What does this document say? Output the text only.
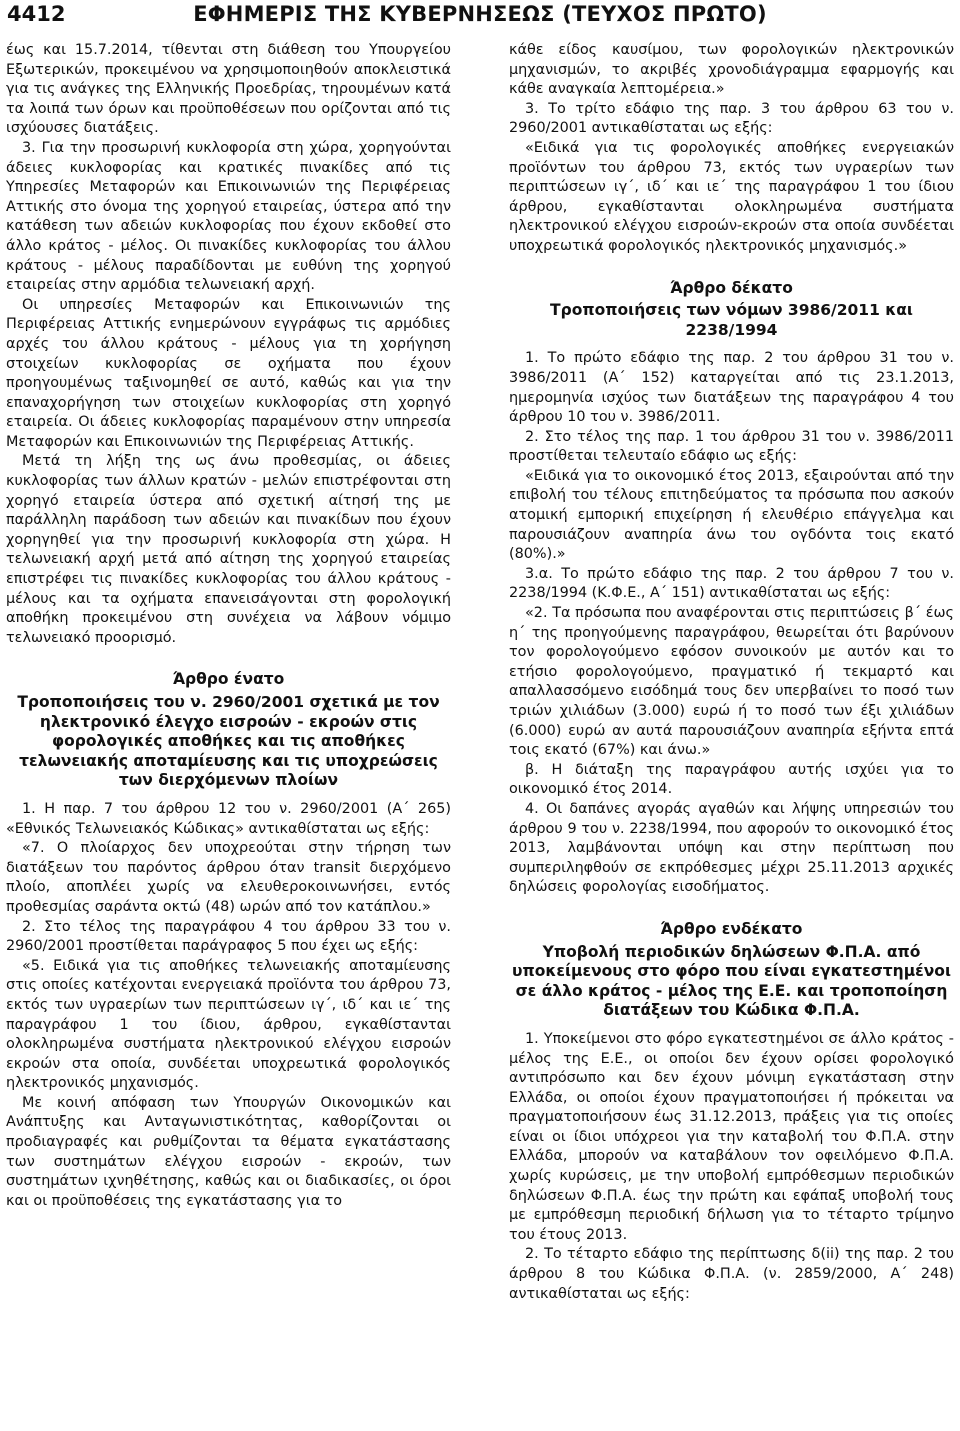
4412	ΕΦΗΜΕΡΙΣ ΤΗΣ ΚΥΒΕΡΝΗΣΕΩΣ (ΤΕΥΧΟΣ ΠΡΩΤΟ)

έως και 15.7.2014, τίθενται στη διάθεση του Υπουργείου Εξωτερικών, προκειμένου να χρησιμοποιηθούν αποκλειστικά για τις ανάγκες της Ελληνικής Προεδρίας, τηρουμένων κατά τα λοιπά των όρων και προϋποθέσεων που ορίζονται από τις ισχύουσες διατάξεις.

3. Για την προσωρινή κυκλοφορία στη χώρα, χορηγούνται άδειες κυκλοφορίας και κρατικές πινακίδες από τις Υπηρεσίες Μεταφορών και Επικοινωνιών της Περιφέρειας Αττικής στο όνομα της χορηγού εταιρείας, ύστερα από την κατάθεση των αδειών κυκλοφορίας που έχουν εκδοθεί στο άλλο κράτος - μέλος. Οι πινακίδες κυκλοφορίας του άλλου κράτους - μέλους παραδίδονται με ευθύνη της χορηγού εταιρείας στην αρμόδια τελωνειακή αρχή.

Οι υπηρεσίες Μεταφορών και Επικοινωνιών της Περιφέρειας Αττικής ενημερώνουν εγγράφως τις αρμόδιες αρχές του άλλου κράτους - μέλους για τη χορήγηση στοιχείων κυκλοφορίας σε οχήματα που έχουν προηγουμένως ταξινομηθεί σε αυτό, καθώς και για την επαναχορήγηση των στοιχείων κυκλοφορίας στη χορηγό εταιρεία. Οι άδειες κυκλοφορίας παραμένουν στην υπηρεσία Μεταφορών και Επικοινωνιών της Περιφέρειας Αττικής.

Μετά τη λήξη της ως άνω προθεσμίας, οι άδειες κυκλοφορίας των άλλων κρατών - μελών επιστρέφονται στη χορηγό εταιρεία ύστερα από σχετική αίτησή της με παράλληλη παράδοση των αδειών και πινακίδων που έχουν χορηγηθεί για την προσωρινή κυκλοφορία στη χώρα. Η τελωνειακή αρχή μετά από αίτηση της χορηγού εταιρείας επιστρέφει τις πινακίδες κυκλοφορίας του άλλου κράτους - μέλους και τα οχήματα επανεισάγονται στη φορολογική αποθήκη προκειμένου στη συνέχεια να λάβουν νόμιμο τελωνειακό προορισμό.

Άρθρο ένατο
Τροποποιήσεις του ν. 2960/2001 σχετικά με τον ηλεκτρονικό έλεγχο εισροών - εκροών στις φορολογικές αποθήκες και τις αποθήκες τελωνειακής αποταμίευσης και τις υποχρεώσεις των διερχόμενων πλοίων

1. Η παρ. 7 του άρθρου 12 του ν. 2960/2001 (Α΄ 265) «Εθνικός Τελωνειακός Κώδικας» αντικαθίσταται ως εξής:

«7. Ο πλοίαρχος δεν υποχρεούται στην τήρηση των διατάξεων του παρόντος άρθρου όταν transit διερχόμενο πλοίο, αποπλέει χωρίς να ελευθεροκοινωνήσει, εντός προθεσμίας σαράντα οκτώ (48) ωρών από τον κατάπλου.»

2. Στο τέλος της παραγράφου 4 του άρθρου 33 του ν. 2960/2001 προστίθεται παράγραφος 5 που έχει ως εξής:

«5. Ειδικά για τις αποθήκες τελωνειακής αποταμίευσης στις οποίες κατέχονται ενεργειακά προϊόντα του άρθρου 73, εκτός των υγραερίων των περιπτώσεων ιγ΄, ιδ΄ και ιε΄ της παραγράφου 1 του ίδιου, άρθρου, εγκαθίστανται ολοκληρωμένα συστήματα ηλεκτρονικού ελέγχου εισροών εκροών στα οποία, συνδέεται υποχρεωτικά φορολογικός ηλεκτρονικός μηχανισμός.

Με κοινή απόφαση των Υπουργών Οικονομικών και Ανάπτυξης και Ανταγωνιστικότητας, καθορίζονται οι προδιαγραφές και ρυθμίζονται τα θέματα εγκατάστασης των συστημάτων ελέγχου εισροών - εκροών, των συστημάτων ιχνηθέτησης, καθώς και οι διαδικασίες, οι όροι και οι προϋποθέσεις της εγκατάστασης για το

κάθε είδος καυσίμου, των φορολογικών ηλεκτρονικών μηχανισμών, το ακριβές χρονοδιάγραμμα εφαρμογής και κάθε αναγκαία λεπτομέρεια.»

3. Το τρίτο εδάφιο της παρ. 3 του άρθρου 63 του ν. 2960/2001 αντικαθίσταται ως εξής:

«Ειδικά για τις φορολογικές αποθήκες ενεργειακών προϊόντων του άρθρου 73, εκτός των υγραερίων των περιπτώσεων ιγ΄, ιδ΄ και ιε΄ της παραγράφου 1 του ίδιου άρθρου, εγκαθίστανται ολοκληρωμένα συστήματα ηλεκτρονικού ελέγχου εισροών-εκροών στα οποία συνδέεται υποχρεωτικά φορολογικός ηλεκτρονικός μηχανισμός.»

Άρθρο δέκατο
Τροποποιήσεις των νόμων 3986/2011 και 2238/1994

1. Το πρώτο εδάφιο της παρ. 2 του άρθρου 31 του ν. 3986/2011 (Α΄ 152) καταργείται από τις 23.1.2013, ημερομηνία ισχύος των διατάξεων της παραγράφου 4 του άρθρου 10 του ν. 3986/2011.

2. Στο τέλος της παρ. 1 του άρθρου 31 του ν. 3986/2011 προστίθεται τελευταίο εδάφιο ως εξής:

«Ειδικά για το οικονομικό έτος 2013, εξαιρούνται από την επιβολή του τέλους επιτηδεύματος τα πρόσωπα που ασκούν ατομική εμπορική επιχείρηση ή ελευθέριο επάγγελμα και παρουσιάζουν αναπηρία άνω του ογδόντα τοις εκατό (80%).»

3.α. Το πρώτο εδάφιο της παρ. 2 του άρθρου 7 του ν. 2238/1994 (Κ.Φ.Ε., Α΄ 151) αντικαθίσταται ως εξής:

«2. Τα πρόσωπα που αναφέρονται στις περιπτώσεις β΄ έως η΄ της προηγούμενης παραγράφου, θεωρείται ότι βαρύνουν τον φορολογούμενο εφόσον συνοικούν με αυτόν και το ετήσιο φορολογούμενο, πραγματικό ή τεκμαρτό και απαλλασσόμενο εισόδημά τους δεν υπερβαίνει το ποσό των τριών χιλιάδων (3.000) ευρώ ή το ποσό των έξι χιλιάδων (6.000) ευρώ αν αυτά παρουσιάζουν αναπηρία εξήντα επτά τοις εκατό (67%) και άνω.»

β. Η διάταξη της παραγράφου αυτής ισχύει για το οικονομικό έτος 2014.

4. Οι δαπάνες αγοράς αγαθών και λήψης υπηρεσιών του άρθρου 9 του ν. 2238/1994, που αφορούν το οικονομικό έτος 2013, λαμβάνονται υπόψη και στην περίπτωση που συμπεριληφθούν σε εκπρόθεσμες μέχρι 25.11.2013 αρχικές δηλώσεις φορολογίας εισοδήματος.

Άρθρο ενδέκατο
Υποβολή περιοδικών δηλώσεων Φ.Π.Α. από υποκείμενους στο φόρο που είναι εγκατεστημένοι σε άλλο κράτος - μέλος της Ε.Ε. και τροποποίηση διατάξεων του Κώδικα Φ.Π.Α.

1. Υποκείμενοι στο φόρο εγκατεστημένοι σε άλλο κράτος - μέλος της Ε.Ε., οι οποίοι δεν έχουν ορίσει φορολογικό αντιπρόσωπο και δεν έχουν μόνιμη εγκατάσταση στην Ελλάδα, οι οποίοι έχουν πραγματοποιήσει ή πρόκειται να πραγματοποιήσουν έως 31.12.2013, πράξεις για τις οποίες είναι οι ίδιοι υπόχρεοι για την καταβολή του Φ.Π.Α. στην Ελλάδα, μπορούν να καταβάλουν τον οφειλόμενο Φ.Π.Α. χωρίς κυρώσεις, με την υποβολή εμπρόθεσμων περιοδικών δηλώσεων Φ.Π.Α. έως την πρώτη και εφάπαξ υποβολή τους με εμπρόθεσμη περιοδική δήλωση για το τέταρτο τρίμηνο του έτους 2013.

2. Το τέταρτο εδάφιο της περίπτωσης δ(ii) της παρ. 2 του άρθρου 8 του Κώδικα Φ.Π.Α. (ν. 2859/2000, Α΄ 248) αντικαθίσταται ως εξής:
